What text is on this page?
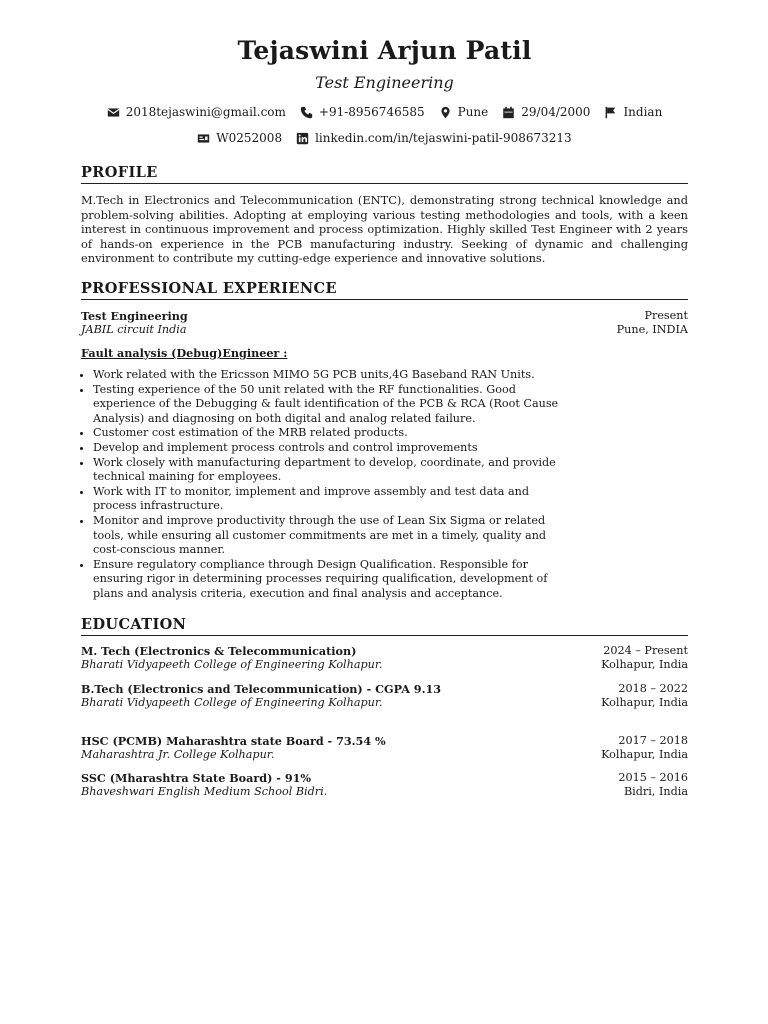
Tejaswini Arjun Patil
Test Engineering
2018tejaswini@gmail.com	+91-8956746585	Pune	29/04/2000	Indian
W0252008	linkedin.com/in/tejaswini-patil-908673213
PROFILE
M.Tech in Electronics and Telecommunication (ENTC), demonstrating strong technical knowledge and problem-solving abilities. Adopting at employing various testing methodologies and tools, with a keen interest in continuous improvement and process optimization. Highly skilled Test Engineer with 2 years of hands-on experience in the PCB manufacturing industry. Seeking of dynamic and challenging environment to contribute my cutting-edge experience and innovative solutions.
PROFESSIONAL EXPERIENCE
Test Engineering	Present
JABIL circuit India	Pune, INDIA
Fault analysis (Debug)Engineer :
• Work related with the Ericsson MIMO 5G PCB units,4G Baseband RAN Units.
• Testing experience of the 50 unit related with the RF functionalities. Good experience of the Debugging & fault identification of the PCB & RCA (Root Cause Analysis) and diagnosing on both digital and analog related failure.
• Customer cost estimation of the MRB related products.
• Develop and implement process controls and control improvements
• Work closely with manufacturing department to develop, coordinate, and provide technical maining for employees.
• Work with IT to monitor, implement and improve assembly and test data and process infrastructure.
• Monitor and improve productivity through the use of Lean Six Sigma or related tools, while ensuring all customer commitments are met in a timely, quality and cost-conscious manner.
• Ensure regulatory compliance through Design Qualification. Responsible for ensuring rigor in determining processes requiring qualification, development of plans and analysis criteria, execution and final analysis and acceptance.
EDUCATION
M. Tech (Electronics & Telecommunication)	2024 – Present
Bharati Vidyapeeth College of Engineering Kolhapur.	Kolhapur, India
B.Tech (Electronics and Telecommunication) - CGPA 9.13	2018 – 2022
Bharati Vidyapeeth College of Engineering Kolhapur.	Kolhapur, India
HSC (PCMB) Maharashtra state Board - 73.54 %	2017 – 2018
Maharashtra Jr. College Kolhapur.	Kolhapur, India
SSC (Mharashtra State Board) - 91%	2015 – 2016
Bhaveshwari English Medium School Bidri.	Bidri, India
